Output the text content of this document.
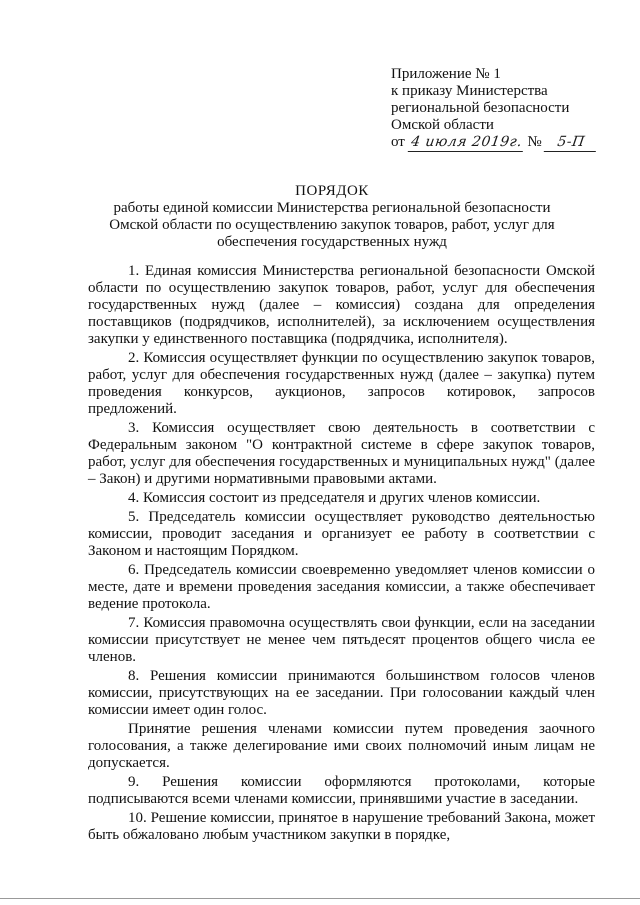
Приложение № 1
к приказу Министерства
региональной безопасности
Омской области
от 4 июля 2019г. № 5-П
ПОРЯДОК
работы единой комиссии Министерства региональной безопасности Омской области по осуществлению закупок товаров, работ, услуг для обеспечения государственных нужд

1. Единая комиссия Министерства региональной безопасности Омской области по осуществлению закупок товаров, работ, услуг для обеспечения государственных нужд (далее – комиссия) создана для определения поставщиков (подрядчиков, исполнителей), за исключением осуществления закупки у единственного поставщика (подрядчика, исполнителя).

2. Комиссия осуществляет функции по осуществлению закупок товаров, работ, услуг для обеспечения государственных нужд (далее – закупка) путем проведения конкурсов, аукционов, запросов котировок, запросов предложений.

3. Комиссия осуществляет свою деятельность в соответствии с Федеральным законом "О контрактной системе в сфере закупок товаров, работ, услуг для обеспечения государственных и муниципальных нужд" (далее – Закон) и другими нормативными правовыми актами.

4. Комиссия состоит из председателя и других членов комиссии.

5. Председатель комиссии осуществляет руководство деятельностью комиссии, проводит заседания и организует ее работу в соответствии с Законом и настоящим Порядком.

6. Председатель комиссии своевременно уведомляет членов комиссии о месте, дате и времени проведения заседания комиссии, а также обеспечивает ведение протокола.

7. Комиссия правомочна осуществлять свои функции, если на заседании комиссии присутствует не менее чем пятьдесят процентов общего числа ее членов.

8. Решения комиссии принимаются большинством голосов членов комиссии, присутствующих на ее заседании. При голосовании каждый член комиссии имеет один голос.

Принятие решения членами комиссии путем проведения заочного голосования, а также делегирование ими своих полномочий иным лицам не допускается.

9. Решения комиссии оформляются протоколами, которые подписываются всеми членами комиссии, принявшими участие в заседании.

10. Решение комиссии, принятое в нарушение требований Закона, может быть обжаловано любым участником закупки в порядке,
